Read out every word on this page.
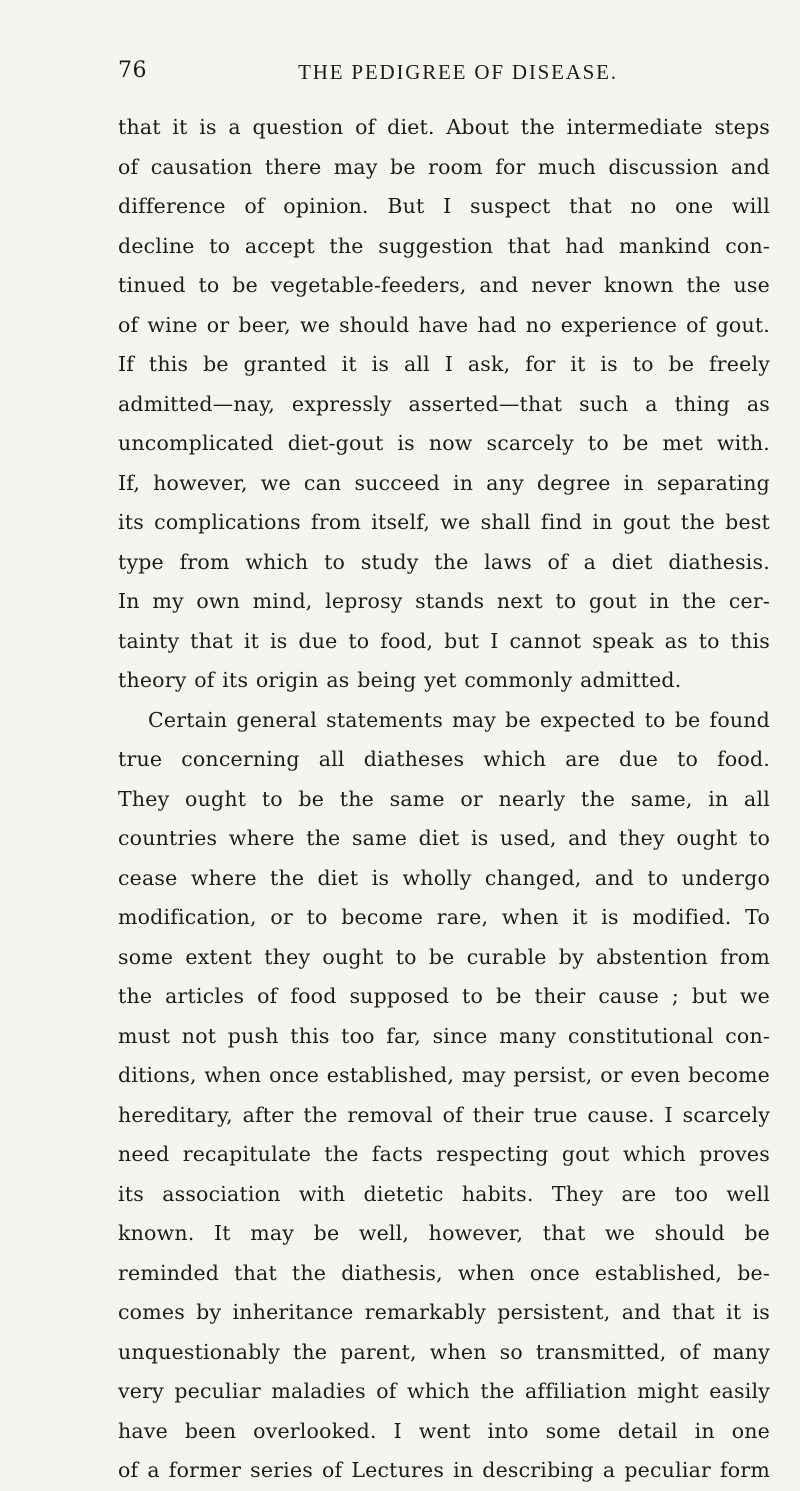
76	THE PEDIGREE OF DISEASE.
that it is a question of diet. About the intermediate steps
of causation there may be room for much discussion and
difference of opinion. But I suspect that no one will
decline to accept the suggestion that had mankind con-
tinued to be vegetable-feeders, and never known the use
of wine or beer, we should have had no experience of gout.
If this be granted it is all I ask, for it is to be freely
admitted—nay, expressly asserted—that such a thing as
uncomplicated diet-gout is now scarcely to be met with.
If, however, we can succeed in any degree in separating
its complications from itself, we shall find in gout the best
type from which to study the laws of a diet diathesis.
In my own mind, leprosy stands next to gout in the cer-
tainty that it is due to food, but I cannot speak as to this
theory of its origin as being yet commonly admitted.
Certain general statements may be expected to be found
true concerning all diatheses which are due to food.
They ought to be the same or nearly the same, in all
countries where the same diet is used, and they ought to
cease where the diet is wholly changed, and to undergo
modification, or to become rare, when it is modified. To
some extent they ought to be curable by abstention from
the articles of food supposed to be their cause ; but we
must not push this too far, since many constitutional con-
ditions, when once established, may persist, or even become
hereditary, after the removal of their true cause. I scarcely
need recapitulate the facts respecting gout which proves
its association with dietetic habits. They are too well
known. It may be well, however, that we should be
reminded that the diathesis, when once established, be-
comes by inheritance remarkably persistent, and that it is
unquestionably the parent, when so transmitted, of many
very peculiar maladies of which the affiliation might easily
have been overlooked. I went into some detail in one
of a former series of Lectures in describing a peculiar form
